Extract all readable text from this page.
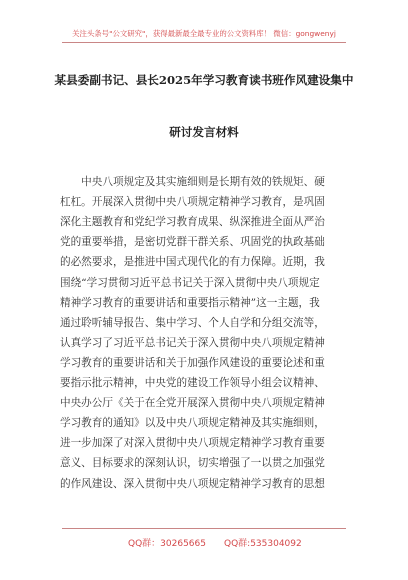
关注头条号"公文研究"，获得最新最全最专业的公文资料库！ 微信：gongwenyj
某县委副书记、县长2025年学习教育读书班作风建设集中
研讨发言材料
　　中央八项规定及其实施细则是长期有效的铁规矩、硬
杠杠。开展深入贯彻中央八项规定精神学习教育，是巩固
深化主题教育和党纪学习教育成果、纵深推进全面从严治
党的重要举措，是密切党群干群关系、巩固党的执政基础
的必然要求，是推进中国式现代化的有力保障。近期，我
围绕“学习贯彻习近平总书记关于深入贯彻中央八项规定
精神学习教育的重要讲话和重要指示精神”这一主题，我
通过聆听辅导报告、集中学习、个人自学和分组交流等，
认真学习了习近平总书记关于深入贯彻中央八项规定精神
学习教育的重要讲话和关于加强作风建设的重要论述和重
要指示批示精神，中央党的建设工作领导小组会议精神、
中央办公厅《关于在全党开展深入贯彻中央八项规定精神
学习教育的通知》以及中央八项规定精神及其实施细则，
进一步加深了对深入贯彻中央八项规定精神学习教育重要
意义、目标要求的深刻认识，切实增强了一以贯之加强党
的作风建设、深入贯彻中央八项规定精神学习教育的思想
QQ群：30265665 QQ群:535304092
